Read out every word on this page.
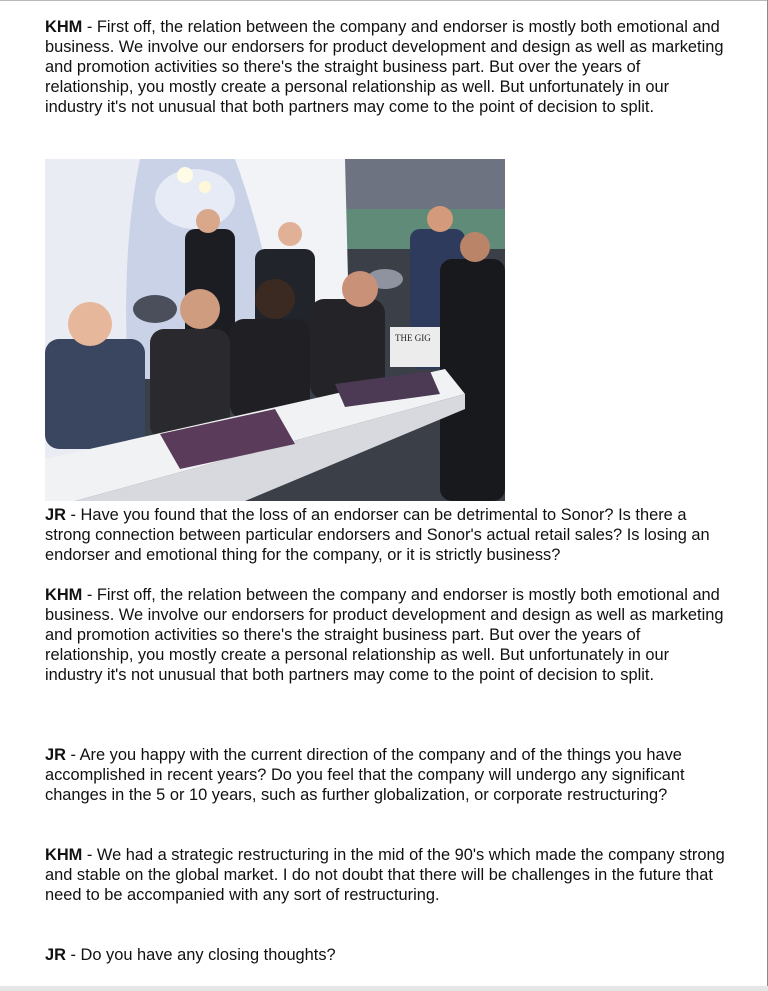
KHM - First off, the relation between the company and endorser is mostly both emotional and business. We involve our endorsers for product development and design as well as marketing and promotion activities so there's the straight business part. But over the years of relationship, you mostly create a personal relationship as well. But unfortunately in our industry it's not unusual that both partners may come to the point of decision to split.

JR - Have you found that the loss of an endorser can be detrimental to Sonor? Is there a strong connection between particular endorsers and Sonor's actual retail sales? Is losing an endorser and emotional thing for the company, or it is strictly business?

KHM - First off, the relation between the company and endorser is mostly both emotional and business. We involve our endorsers for product development and design as well as marketing and promotion activities so there's the straight business part. But over the years of relationship, you mostly create a personal relationship as well. But unfortunately in our industry it's not unusual that both partners may come to the point of decision to split.

JR - Are you happy with the current direction of the company and of the things you have accomplished in recent years? Do you feel that the company will undergo any significant changes in the 5 or 10 years, such as further globalization, or corporate restructuring?

KHM - We had a strategic restructuring in the mid of the 90's which made the company strong and stable on the global market. I do not doubt that there will be challenges in the future that need to be accompanied with any sort of restructuring.

JR - Do you have any closing thoughts?

THE GIG
